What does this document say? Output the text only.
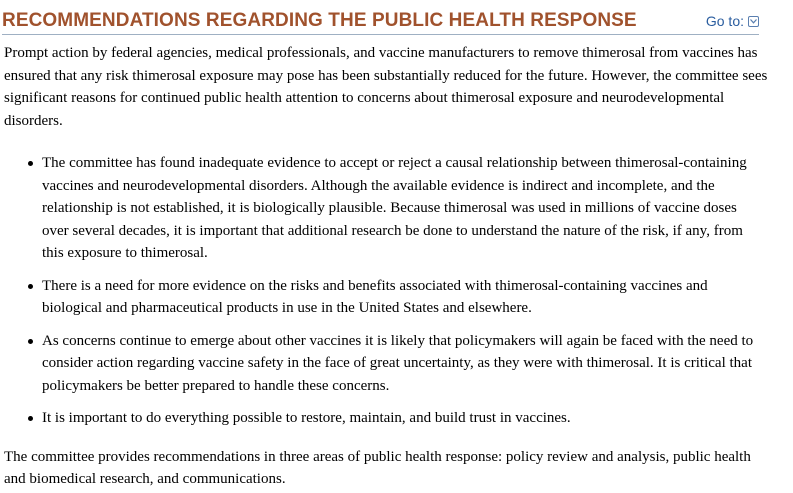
RECOMMENDATIONS REGARDING THE PUBLIC HEALTH RESPONSE	Go to:

Prompt action by federal agencies, medical professionals, and vaccine manufacturers to remove thimerosal from vaccines has ensured that any risk thimerosal exposure may pose has been substantially reduced for the future. However, the committee sees significant reasons for continued public health attention to concerns about thimerosal exposure and neurodevelopmental disorders.

The committee has found inadequate evidence to accept or reject a causal relationship between thimerosal-containing vaccines and neurodevelopmental disorders. Although the available evidence is indirect and incomplete, and the relationship is not established, it is biologically plausible. Because thimerosal was used in millions of vaccine doses over several decades, it is important that additional research be done to understand the nature of the risk, if any, from this exposure to thimerosal.
There is a need for more evidence on the risks and benefits associated with thimerosal-containing vaccines and biological and pharmaceutical products in use in the United States and elsewhere.
As concerns continue to emerge about other vaccines it is likely that policymakers will again be faced with the need to consider action regarding vaccine safety in the face of great uncertainty, as they were with thimerosal. It is critical that policymakers be better prepared to handle these concerns.
It is important to do everything possible to restore, maintain, and build trust in vaccines.

The committee provides recommendations in three areas of public health response: policy review and analysis, public health and biomedical research, and communications.
